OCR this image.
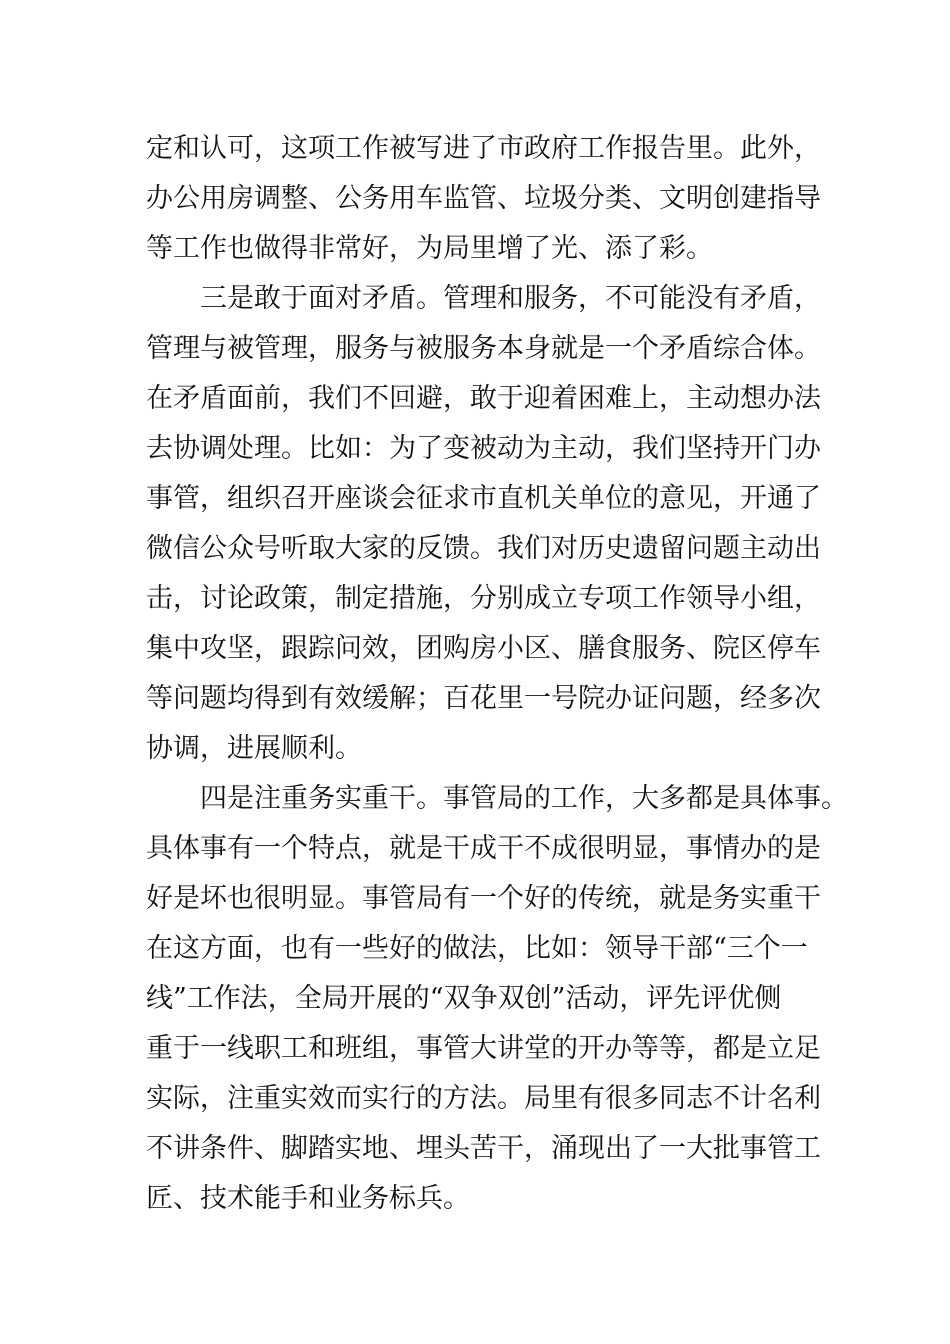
定和认可，这项工作被写进了市政府工作报告里。此外，
办公用房调整、公务用车监管、垃圾分类、文明创建指导
等工作也做得非常好，为局里增了光、添了彩。
三是敢于面对矛盾。管理和服务，不可能没有矛盾，
管理与被管理，服务与被服务本身就是一个矛盾综合体。
在矛盾面前，我们不回避，敢于迎着困难上，主动想办法
去协调处理。比如：为了变被动为主动，我们坚持开门办
事管，组织召开座谈会征求市直机关单位的意见，开通了
微信公众号听取大家的反馈。我们对历史遗留问题主动出
击，讨论政策，制定措施，分别成立专项工作领导小组，
集中攻坚，跟踪问效，团购房小区、膳食服务、院区停车
等问题均得到有效缓解；百花里一号院办证问题，经多次
协调，进展顺利。
四是注重务实重干。事管局的工作，大多都是具体事。
具体事有一个特点，就是干成干不成很明显，事情办的是
好是坏也很明显。事管局有一个好的传统，就是务实重干
在这方面，也有一些好的做法，比如：领导干部“三个一
线”工作法，全局开展的“双争双创”活动，评先评优侧
重于一线职工和班组，事管大讲堂的开办等等，都是立足
实际，注重实效而实行的方法。局里有很多同志不计名利
不讲条件、脚踏实地、埋头苦干，涌现出了一大批事管工
匠、技术能手和业务标兵。
